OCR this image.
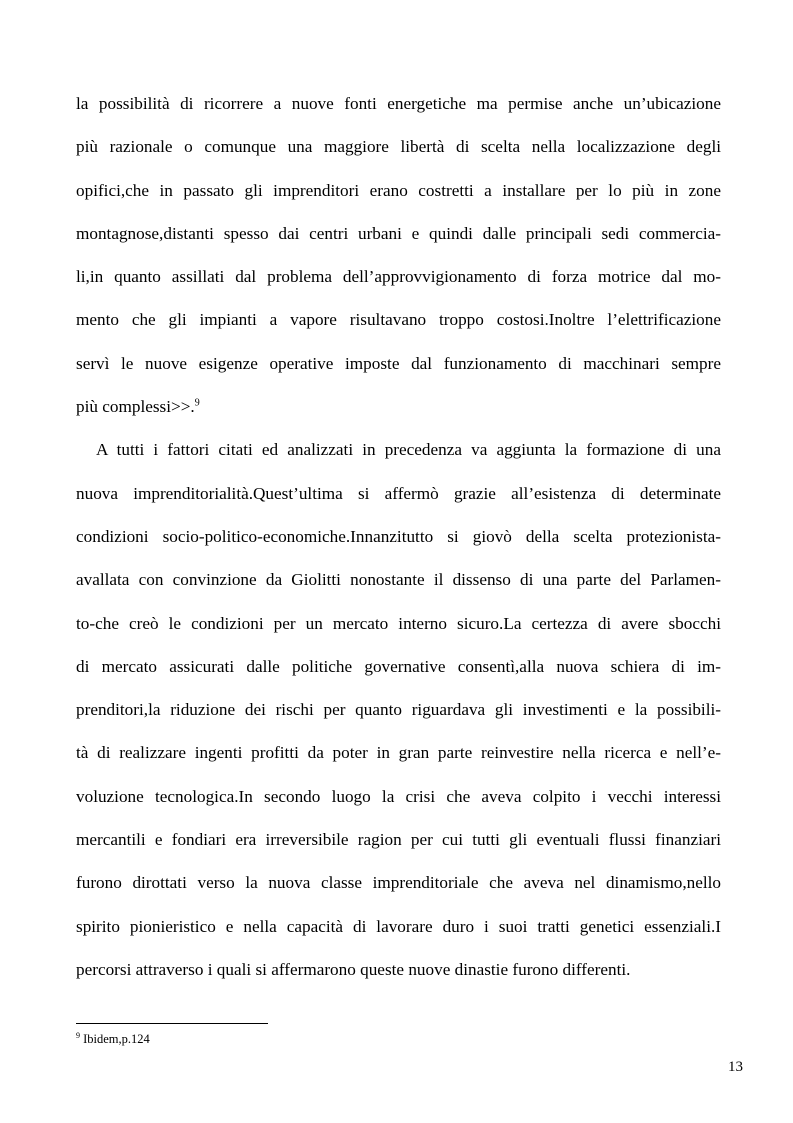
la possibilità di ricorrere a nuove fonti energetiche ma permise anche un’ubicazione
più razionale o comunque una maggiore libertà di scelta nella localizzazione degli
opifici,che in passato gli imprenditori erano costretti a installare per lo più in zone
montagnose,distanti spesso dai centri urbani e quindi dalle principali sedi commercia-
li,in quanto assillati dal problema dell’approvvigionamento di forza motrice dal mo-
mento che gli impianti a vapore risultavano troppo costosi.Inoltre l’elettrificazione
servì le nuove esigenze operative imposte dal funzionamento di macchinari sempre
più complessi>>.$^9$
A tutti i fattori citati ed analizzati in precedenza va aggiunta la formazione di una
nuova imprenditorialità.Quest’ultima si affermò grazie all’esistenza di determinate
condizioni socio-politico-economiche.Innanzitutto si giovò della scelta protezionista-
avallata con convinzione da Giolitti nonostante il dissenso di una parte del Parlamen-
to-che creò le condizioni per un mercato interno sicuro.La certezza di avere sbocchi
di mercato assicurati dalle politiche governative consentì,alla nuova schiera di im-
prenditori,la riduzione dei rischi per quanto riguardava gli investimenti e la possibili-
tà di realizzare ingenti profitti da poter in gran parte reinvestire nella ricerca e nell’e-
voluzione tecnologica.In secondo luogo la crisi che aveva colpito i vecchi interessi
mercantili e fondiari era irreversibile ragion per cui tutti gli eventuali flussi finanziari
furono dirottati verso la nuova classe imprenditoriale che aveva nel dinamismo,nello
spirito pionieristico e nella capacità di lavorare duro i suoi tratti genetici essenziali.I
percorsi attraverso i quali si affermarono queste nuove dinastie furono differenti.
$^9$ Ibidem,p.124
13
